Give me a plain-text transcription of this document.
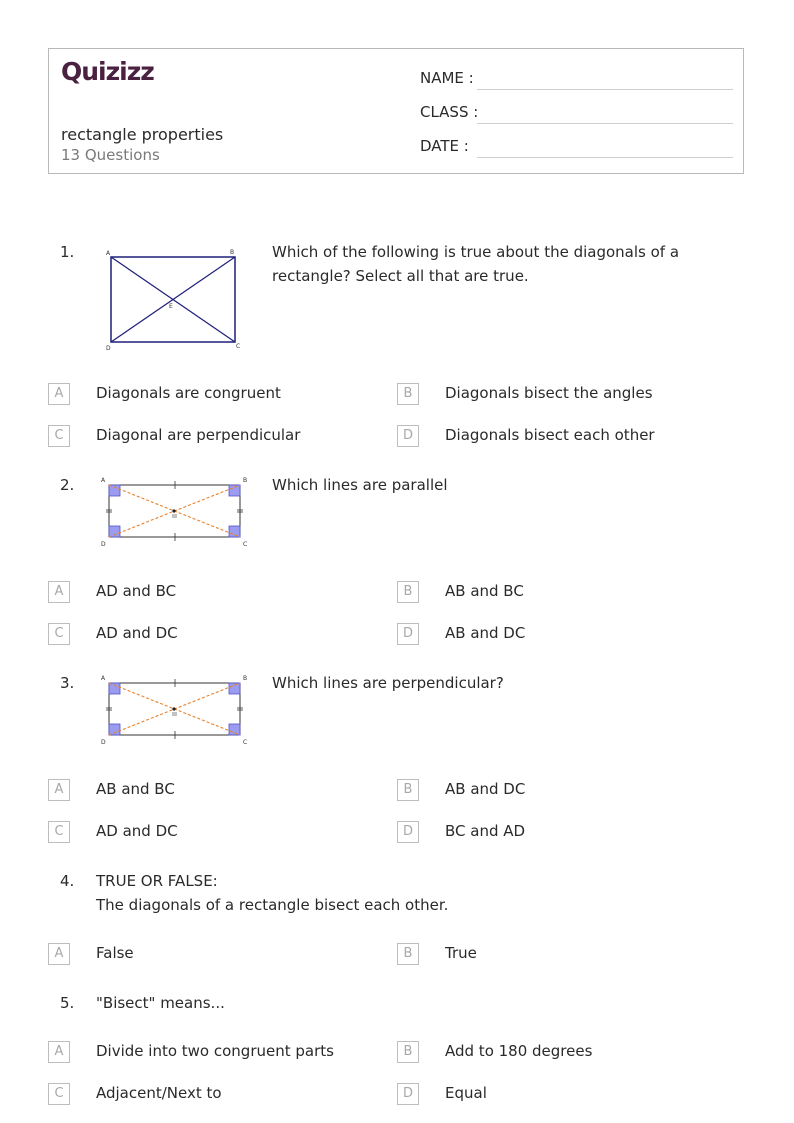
Quizizz
rectangle properties
13 Questions
NAME :
CLASS :
DATE :
1.	A	B
C
D
E
Which of the following is true about the diagonals of a rectangle? Select all that are true.
A	Diagonals are congruent	B	Diagonals bisect the angles
C	Diagonal are perpendicular	D	Diagonals bisect each other
2.	A	B
C
D
Which lines are parallel
A	AD and BC	B	AB and BC
C	AD and DC	D	AB and DC
3.	A	B
C
D
Which lines are perpendicular?
A	AB and BC	B	AB and DC
C	AD and DC	D	BC and AD
4. TRUE OR FALSE:
The diagonals of a rectangle bisect each other.
A	False	B	True
5. "Bisect" means...
A	Divide into two congruent parts	B	Add to 180 degrees
C	Adjacent/Next to	D	Equal
